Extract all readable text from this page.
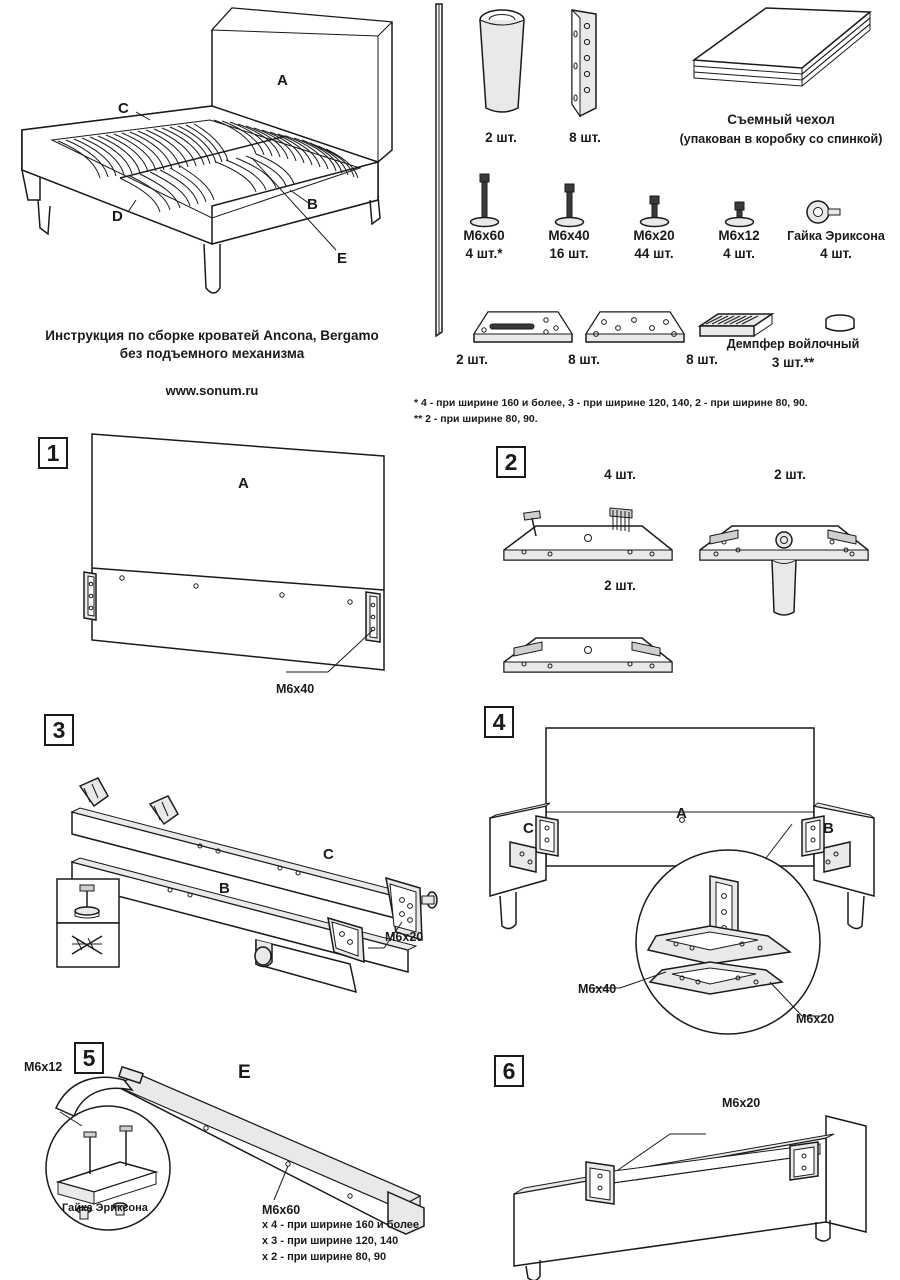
A
C
B
D
E
Инструкция по сборке кроватей Ancona, Bergamo
без подъемного механизма
www.sonum.ru
2 шт.	8 шт.
Съемный чехол
(упакован в коробку со спинкой)
M6x60
4 шт.*
M6x40
16 шт.
M6x20
44 шт.
M6x12
4 шт.
Гайка Эриксона
4 шт.
2 шт.	8 шт.	8 шт.
Демпфер войлочный
3 шт.**
* 4 - при ширине 160 и более, 3 - при ширине 120, 140, 2 - при ширине 80, 90.
** 2 - при ширине 80, 90.
1
A
M6x40
2	4 шт.	2 шт.
2 шт.
3
C
B
M6x20
4
A
C	B
M6x40
M6x20
5
E
M6x12
Гайка Эриксона	M6x60
x 4 - при ширине 160 и более
x 3 - при ширине 120, 140
x 2 - при ширине 80, 90
6
M6x20
